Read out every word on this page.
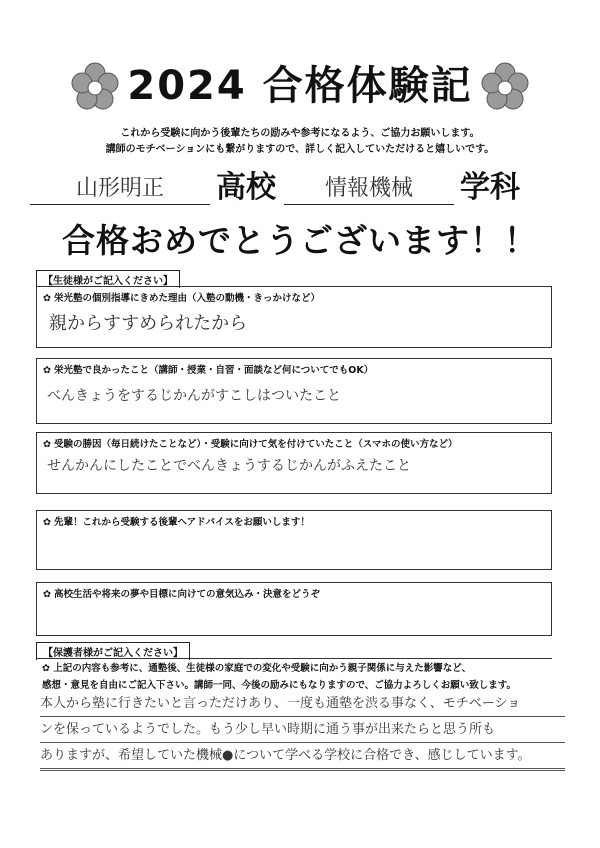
2024 合格体験記
これから受験に向かう後輩たちの励みや参考になるよう、ご協力お願いします。
講師のモチベーションにも繋がりますので、詳しく記入していただけると嬉しいです。
山形明正	高校	情報機械	学科
合格おめでとうございます！！
【生徒様がご記入ください】
✿ 栄光塾の個別指導にきめた理由（入塾の動機・きっかけなど）
親からすすめられたから
✿ 栄光塾で良かったこと（講師・授業・自習・面談など何についてでもOK）
べんきょうをするじかんがすこしはついたこと
✿ 受験の勝因（毎日続けたことなど）・受験に向けて気を付けていたこと（スマホの使い方など）
せんかんにしたことでべんきょうするじかんがふえたこと
✿ 先輩！これから受験する後輩へアドバイスをお願いします！
✿ 高校生活や将来の夢や目標に向けての意気込み・決意をどうぞ
【保護者様がご記入ください】
✿ 上記の内容も参考に、通塾後、生徒様の家庭での変化や受験に向かう親子関係に与えた影響など、
感想・意見を自由にご記入下さい。講師一同、今後の励みにもなりますので、ご協力よろしくお願い致します。
本人から塾に行きたいと言っただけあり、一度も通塾を渋る事なく、モチベーショ
ンを保っているようでした。もう少し早い時期に通う事が出来たらと思う所も
ありますが、希望していた機械●について学べる学校に合格でき、感じしています。
